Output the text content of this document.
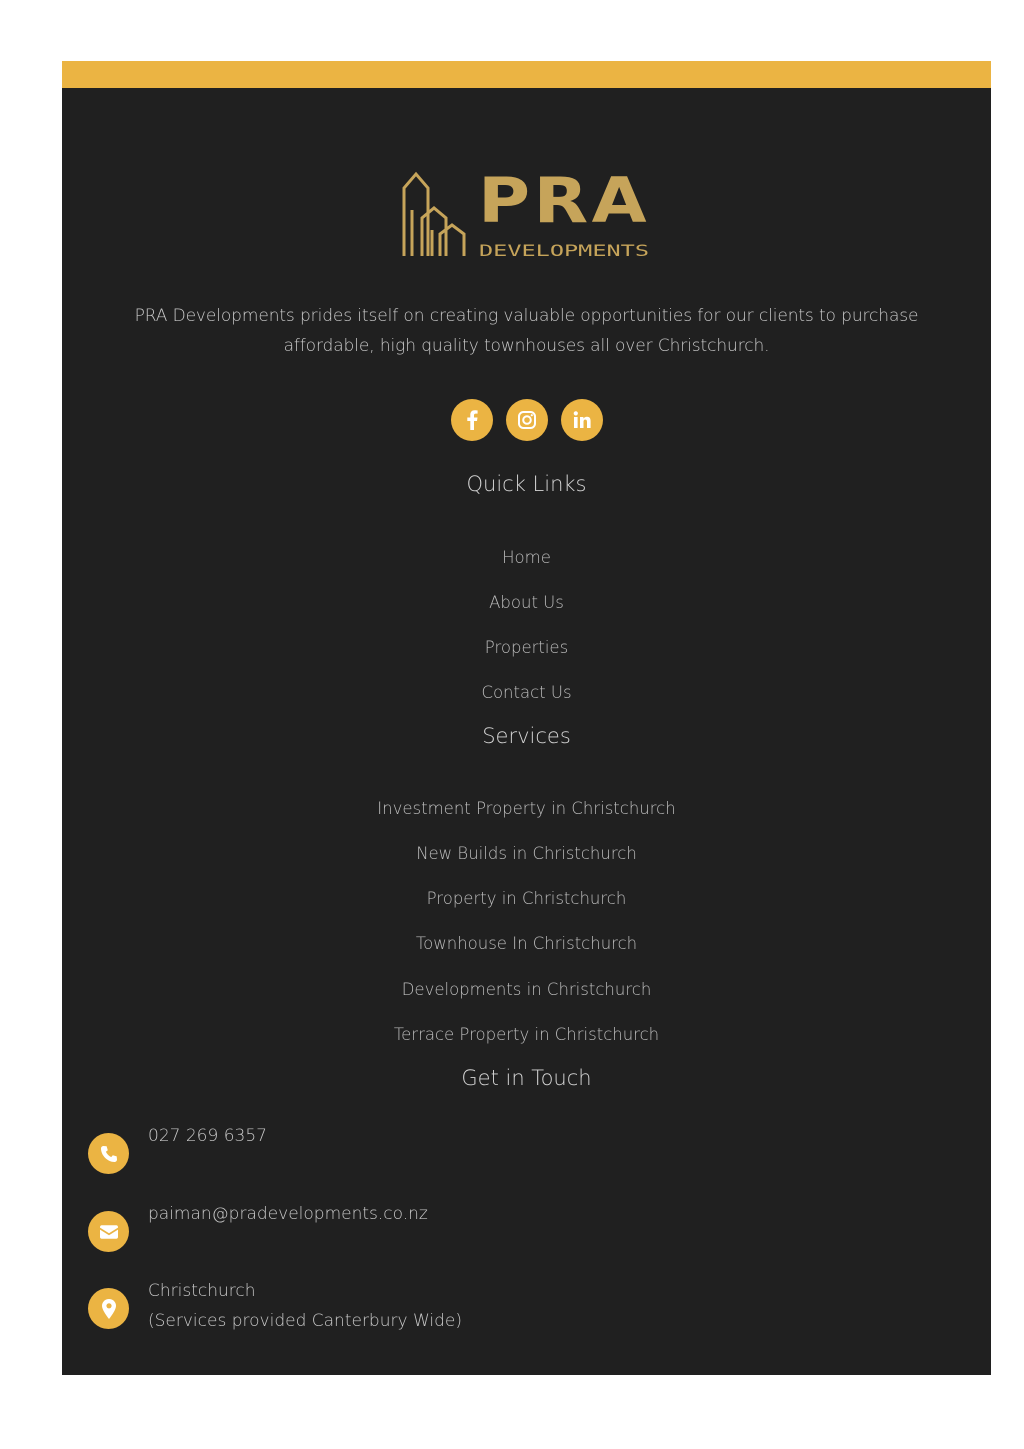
PRA
DEVELOPMENTS
PRA Developments prides itself on creating valuable opportunities for our clients to purchase
affordable, high quality townhouses all over Christchurch.
Quick Links
Home
About Us
Properties
Contact Us
Services
Investment Property in Christchurch
New Builds in Christchurch
Property in Christchurch
Townhouse In Christchurch
Developments in Christchurch
Terrace Property in Christchurch
Get in Touch
027 269 6357
paiman@pradevelopments.co.nz
Christchurch
(Services provided Canterbury Wide)
